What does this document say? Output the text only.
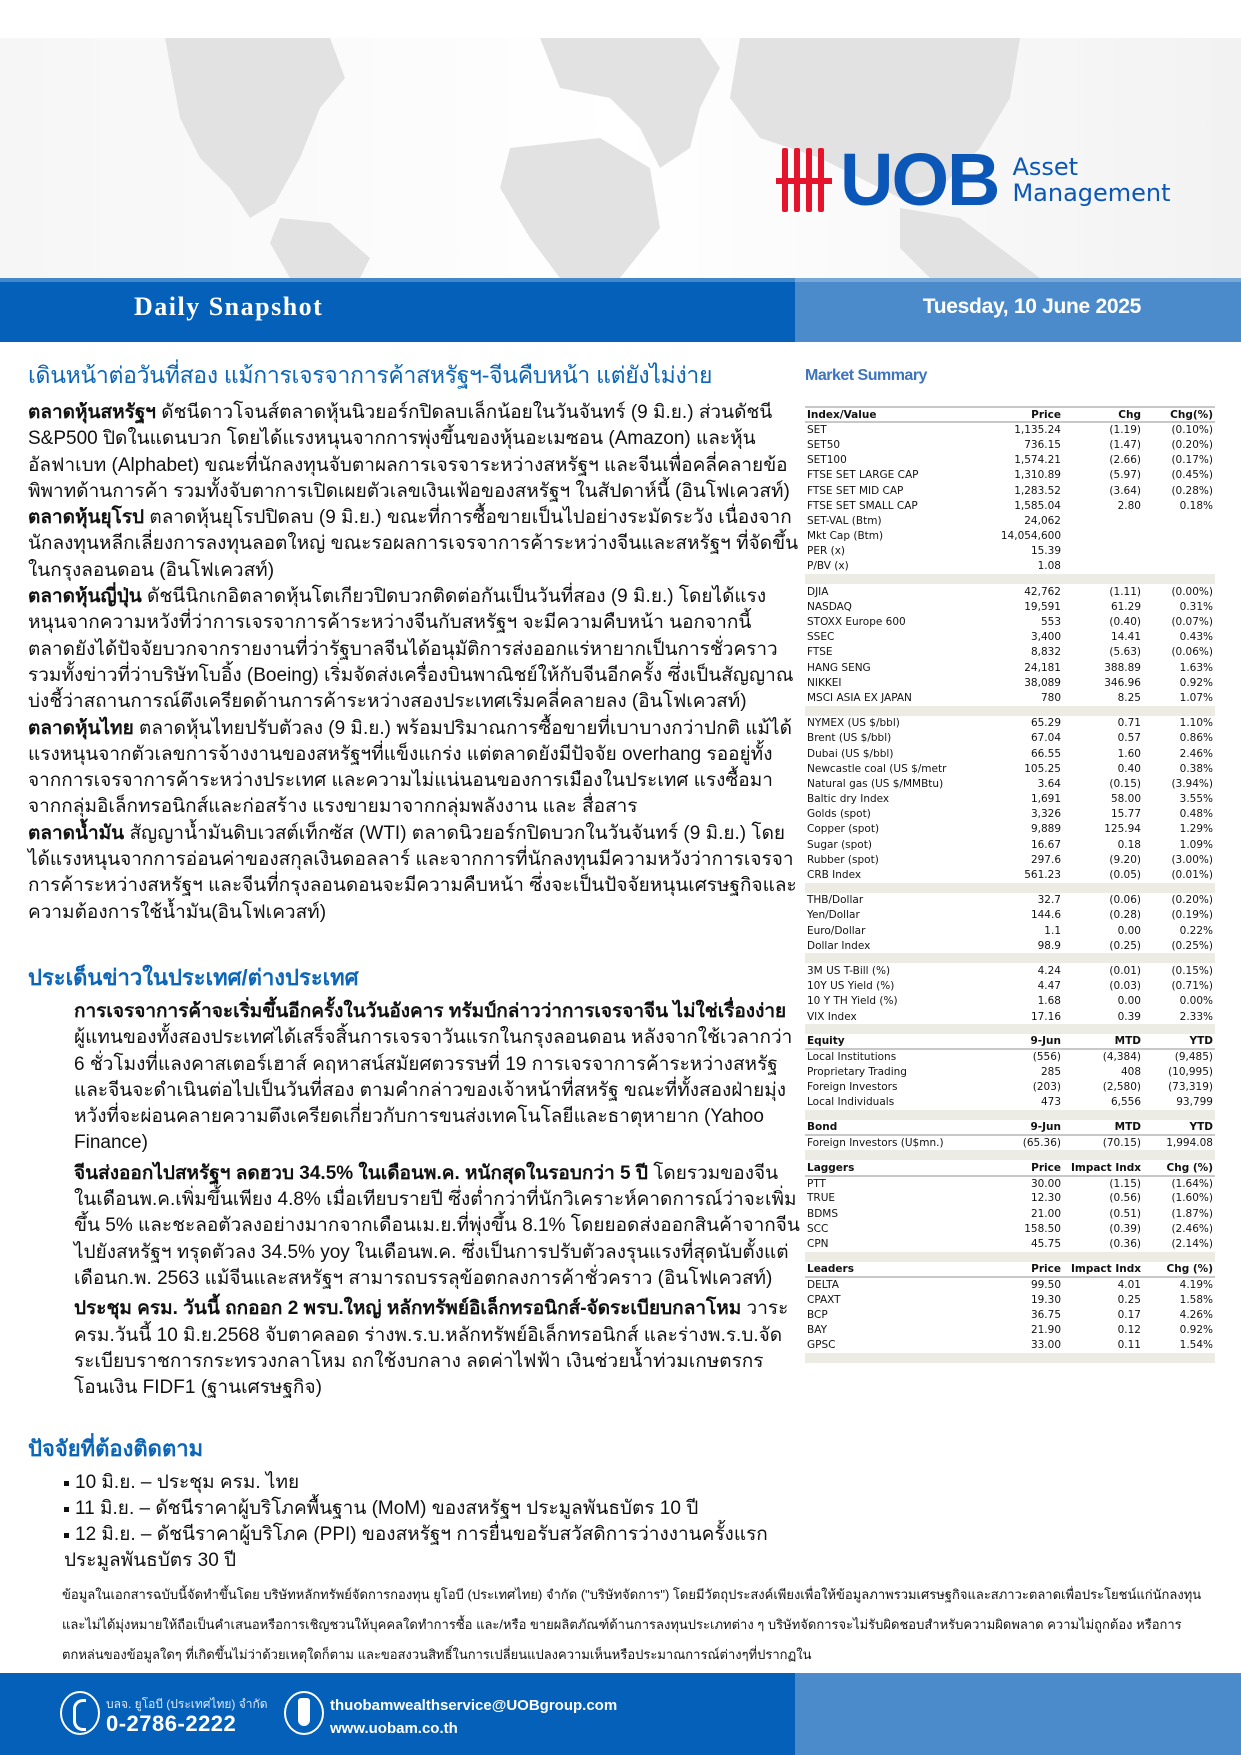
UOB Asset
Management
Daily Snapshot	Tuesday, 10 June 2025
เดินหน้าต่อวันที่สอง แม้การเจรจาการค้าสหรัฐฯ-จีนคืบหน้า แต่ยังไม่ง่าย

ตลาดหุ้นสหรัฐฯ ดัชนีดาวโจนส์ตลาดหุ้นนิวยอร์กปิดลบเล็กน้อยในวันจันทร์ (9 มิ.ย.) ส่วนดัชนี S&P500 ปิดในแดนบวก โดยได้แรงหนุนจากการพุ่งขึ้นของหุ้นอะเมซอน (Amazon) และหุ้นอัลฟาเบท (Alphabet) ขณะที่นักลงทุนจับตาผลการเจรจาระหว่างสหรัฐฯ และจีนเพื่อคลี่คลายข้อพิพาทด้านการค้า รวมทั้งจับตาการเปิดเผยตัวเลขเงินเฟ้อของสหรัฐฯ ในสัปดาห์นี้ (อินโฟเควสท์)

ตลาดหุ้นยุโรป ตลาดหุ้นยุโรปปิดลบ (9 มิ.ย.) ขณะที่การซื้อขายเป็นไปอย่างระมัดระวัง เนื่องจากนักลงทุนหลีกเลี่ยงการลงทุนลอตใหญ่ ขณะรอผลการเจรจาการค้าระหว่างจีนและสหรัฐฯ ที่จัดขึ้นในกรุงลอนดอน (อินโฟเควสท์)

ตลาดหุ้นญี่ปุ่น ดัชนีนิกเกอิตลาดหุ้นโตเกียวปิดบวกติดต่อกันเป็นวันที่สอง (9 มิ.ย.) โดยได้แรงหนุนจากความหวังที่ว่าการเจรจาการค้าระหว่างจีนกับสหรัฐฯ จะมีความคืบหน้า นอกจากนี้ ตลาดยังได้ปัจจัยบวกจากรายงานที่ว่ารัฐบาลจีนได้อนุมัติการส่งออกแร่หายากเป็นการชั่วคราว รวมทั้งข่าวที่ว่าบริษัทโบอิ้ง (Boeing) เริ่มจัดส่งเครื่องบินพาณิชย์ให้กับจีนอีกครั้ง ซึ่งเป็นสัญญาณบ่งชี้ว่าสถานการณ์ตึงเครียดด้านการค้าระหว่างสองประเทศเริ่มคลี่คลายลง (อินโฟเควสท์)

ตลาดหุ้นไทย ตลาดหุ้นไทยปรับตัวลง (9 มิ.ย.) พร้อมปริมาณการซื้อขายที่เบาบางกว่าปกติ แม้ได้แรงหนุนจากตัวเลขการจ้างงานของสหรัฐฯที่แข็งแกร่ง แต่ตลาดยังมีปัจจัย overhang รออยู่ทั้งจากการเจรจาการค้าระหว่างประเทศ และความไม่แน่นอนของการเมืองในประเทศ แรงซื้อมาจากกลุ่มอิเล็กทรอนิกส์และก่อสร้าง แรงขายมาจากกลุ่มพลังงาน และ สื่อสาร

ตลาดน้ำมัน สัญญาน้ำมันดิบเวสต์เท็กซัส (WTI) ตลาดนิวยอร์กปิดบวกในวันจันทร์ (9 มิ.ย.) โดยได้แรงหนุนจากการอ่อนค่าของสกุลเงินดอลลาร์ และจากการที่นักลงทุนมีความหวังว่าการเจรจาการค้าระหว่างสหรัฐฯ และจีนที่กรุงลอนดอนจะมีความคืบหน้า ซึ่งจะเป็นปัจจัยหนุนเศรษฐกิจและความต้องการใช้น้ำมัน(อินโฟเควสท์)

ประเด็นข่าวในประเทศ/ต่างประเทศ

การเจรจาการค้าจะเริ่มขึ้นอีกครั้งในวันอังคาร ทรัมป์กล่าวว่าการเจรจาจีน ไม่ใช่เรื่องง่าย ผู้แทนของทั้งสองประเทศได้เสร็จสิ้นการเจรจาวันแรกในกรุงลอนดอน หลังจากใช้เวลากว่า 6 ชั่วโมงที่แลงคาสเตอร์เฮาส์ คฤหาสน์สมัยศตวรรษที่ 19 การเจรจาการค้าระหว่างสหรัฐและจีนจะดำเนินต่อไปเป็นวันที่สอง ตามคำกล่าวของเจ้าหน้าที่สหรัฐ ขณะที่ทั้งสองฝ่ายมุ่งหวังที่จะผ่อนคลายความตึงเครียดเกี่ยวกับการขนส่งเทคโนโลยีและธาตุหายาก (Yahoo Finance)

จีนส่งออกไปสหรัฐฯ ลดฮวบ 34.5% ในเดือนพ.ค. หนักสุดในรอบกว่า 5 ปี โดยรวมของจีนในเดือนพ.ค.เพิ่มขึ้นเพียง 4.8% เมื่อเทียบรายปี ซึ่งต่ำกว่าที่นักวิเคราะห์คาดการณ์ว่าจะเพิ่มขึ้น 5% และชะลอตัวลงอย่างมากจากเดือนเม.ย.ที่พุ่งขึ้น 8.1% โดยยอดส่งออกสินค้าจากจีนไปยังสหรัฐฯ ทรุดตัวลง 34.5% yoy ในเดือนพ.ค. ซึ่งเป็นการปรับตัวลงรุนแรงที่สุดนับตั้งแต่เดือนก.พ. 2563 แม้จีนและสหรัฐฯ สามารถบรรลุข้อตกลงการค้าชั่วคราว (อินโฟเควสท์)

ประชุม ครม. วันนี้ ถกออก 2 พรบ.ใหญ่ หลักทรัพย์อิเล็กทรอนิกส์-จัดระเบียบกลาโหม วาระครม.วันนี้ 10 มิ.ย.2568 จับตาคลอด ร่างพ.ร.บ.หลักทรัพย์อิเล็กทรอนิกส์ และร่างพ.ร.บ.จัดระเบียบราชการกระทรวงกลาโหม ถกใช้งบกลาง ลดค่าไฟฟ้า เงินช่วยน้ำท่วมเกษตรกร โอนเงิน FIDF1 (ฐานเศรษฐกิจ)

ปัจจัยที่ต้องติดตาม
10 มิ.ย. – ประชุม ครม. ไทย
11 มิ.ย. – ดัชนีราคาผู้บริโภคพื้นฐาน (MoM) ของสหรัฐฯ ประมูลพันธบัตร 10 ปี
12 มิ.ย. – ดัชนีราคาผู้บริโภค (PPI) ของสหรัฐฯ การยื่นขอรับสวัสดิการว่างงานครั้งแรก ประมูลพันธบัตร 30 ปี
Market Summary
Index/Value	Price	Chg	Chg(%)
SET	1,135.24	(1.19)	(0.10%)
SET50	736.15	(1.47)	(0.20%)
SET100	1,574.21	(2.66)	(0.17%)
FTSE SET LARGE CAP	1,310.89	(5.97)	(0.45%)
FTSE SET MID CAP	1,283.52	(3.64)	(0.28%)
FTSE SET SMALL CAP	1,585.04	2.80	0.18%
SET-VAL (Btm)	24,062		
Mkt Cap (Btm)	14,054,600		
PER (x)	15.39		
P/BV (x)	1.08		

DJIA	42,762	(1.11)	(0.00%)
NASDAQ	19,591	61.29	0.31%
STOXX Europe 600	553	(0.40)	(0.07%)
SSEC	3,400	14.41	0.43%
FTSE	8,832	(5.63)	(0.06%)
HANG SENG	24,181	388.89	1.63%
NIKKEI	38,089	346.96	0.92%
MSCI ASIA EX JAPAN	780	8.25	1.07%

NYMEX (US $/bbl)	65.29	0.71	1.10%
Brent (US $/bbl)	67.04	0.57	0.86%
Dubai (US $/bbl)	66.55	1.60	2.46%
Newcastle coal (US $/metr	105.25	0.40	0.38%
Natural gas (US $/MMBtu)	3.64	(0.15)	(3.94%)
Baltic dry Index	1,691	58.00	3.55%
Golds (spot)	3,326	15.77	0.48%
Copper (spot)	9,889	125.94	1.29%
Sugar (spot)	16.67	0.18	1.09%
Rubber (spot)	297.6	(9.20)	(3.00%)
CRB Index	561.23	(0.05)	(0.01%)

THB/Dollar	32.7	(0.06)	(0.20%)
Yen/Dollar	144.6	(0.28)	(0.19%)
Euro/Dollar	1.1	0.00	0.22%
Dollar Index	98.9	(0.25)	(0.25%)

3M US T-Bill (%)	4.24	(0.01)	(0.15%)
10Y US Yield (%)	4.47	(0.03)	(0.71%)
10 Y TH Yield (%)	1.68	0.00	0.00%
VIX Index	17.16	0.39	2.33%

Equity	9-Jun	MTD	YTD
Local Institutions	(556)	(4,384)	(9,485)
Proprietary Trading	285	408	(10,995)
Foreign Investors	(203)	(2,580)	(73,319)
Local Individuals	473	6,556	93,799

Bond	9-Jun	MTD	YTD
Foreign Investors (U$mn.)	(65.36)	(70.15)	1,994.08

Laggers	Price	Impact Indx	Chg (%)
PTT	30.00	(1.15)	(1.64%)
TRUE	12.30	(0.56)	(1.60%)
BDMS	21.00	(0.51)	(1.87%)
SCC	158.50	(0.39)	(2.46%)
CPN	45.75	(0.36)	(2.14%)

Leaders	Price	Impact Indx	Chg (%)
DELTA	99.50	4.01	4.19%
CPAXT	19.30	0.25	1.58%
BCP	36.75	0.17	4.26%
BAY	21.90	0.12	0.92%
GPSC	33.00	0.11	1.54%

ข้อมูลในเอกสารฉบับนี้จัดทำขึ้นโดย บริษัทหลักทรัพย์จัดการกองทุน ยูโอบี (ประเทศไทย) จำกัด ("บริษัทจัดการ") โดยมีวัตถุประสงค์เพียงเพื่อให้ข้อมูลภาพรวมเศรษฐกิจและสภาวะตลาดเพื่อประโยชน์แก่นักลงทุนและไม่ได้มุ่งหมายให้ถือเป็นคำเสนอหรือการเชิญชวนให้บุคคลใดทำการซื้อ และ/หรือ ขายผลิตภัณฑ์ด้านการลงทุนประเภทต่าง ๆ บริษัทจัดการจะไม่รับผิดชอบสำหรับความผิดพลาด ความไม่ถูกต้อง หรือการตกหล่นของข้อมูลใดๆ ที่เกิดขึ้นไม่ว่าด้วยเหตุใดก็ตาม และขอสงวนสิทธิ์ในการเปลี่ยนแปลงความเห็นหรือประมาณการณ์ต่างๆที่ปรากฏใน
บลจ. ยูโอบี (ประเทศไทย) จำกัด
0-2786-2222
thuobamwealthservice@UOBgroup.com
www.uobam.co.th
